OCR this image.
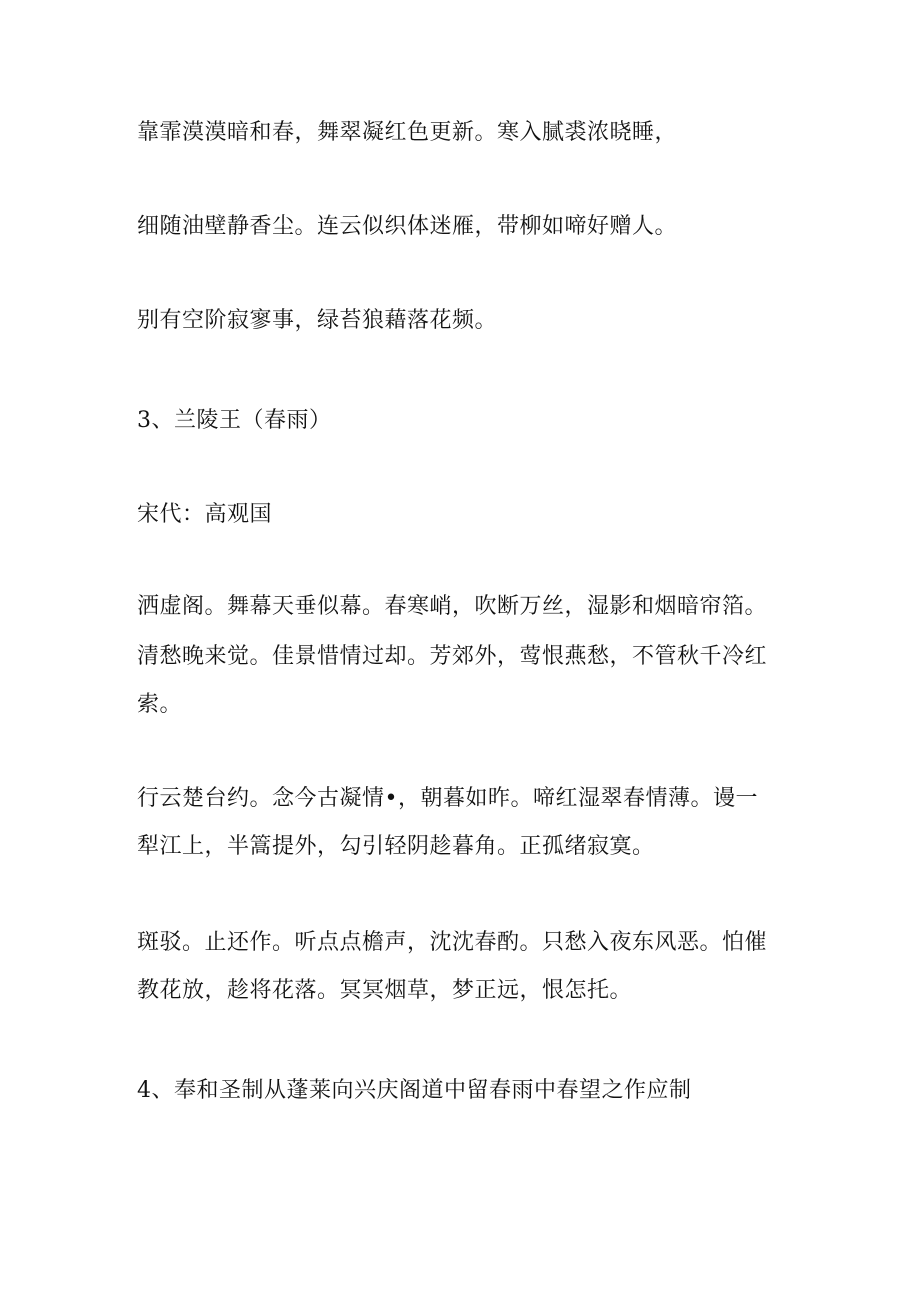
靠霏漠漠暗和春，舞翠凝红色更新。寒入腻裘浓晓睡，
细随油壁静香尘。连云似织体迷雁，带柳如啼好赠人。
别有空阶寂寥事，绿苔狼藉落花频。
3、兰陵王（春雨）
宋代：高观国
洒虚阁。舞幕天垂似幕。春寒峭，吹断万丝，湿影和烟暗帘箔。
清愁晚来觉。佳景惜情过却。芳郊外，莺恨燕愁，不管秋千冷红
索。
行云楚台约。念今古凝情•，朝暮如昨。啼红湿翠春情薄。谩一
犁江上，半篙提外，勾引轻阴趁暮角。正孤绪寂寞。
斑驳。止还作。听点点檐声，沈沈春酌。只愁入夜东风恶。怕催
教花放，趁将花落。冥冥烟草，梦正远，恨怎托。
4、奉和圣制从蓬莱向兴庆阁道中留春雨中春望之作应制
